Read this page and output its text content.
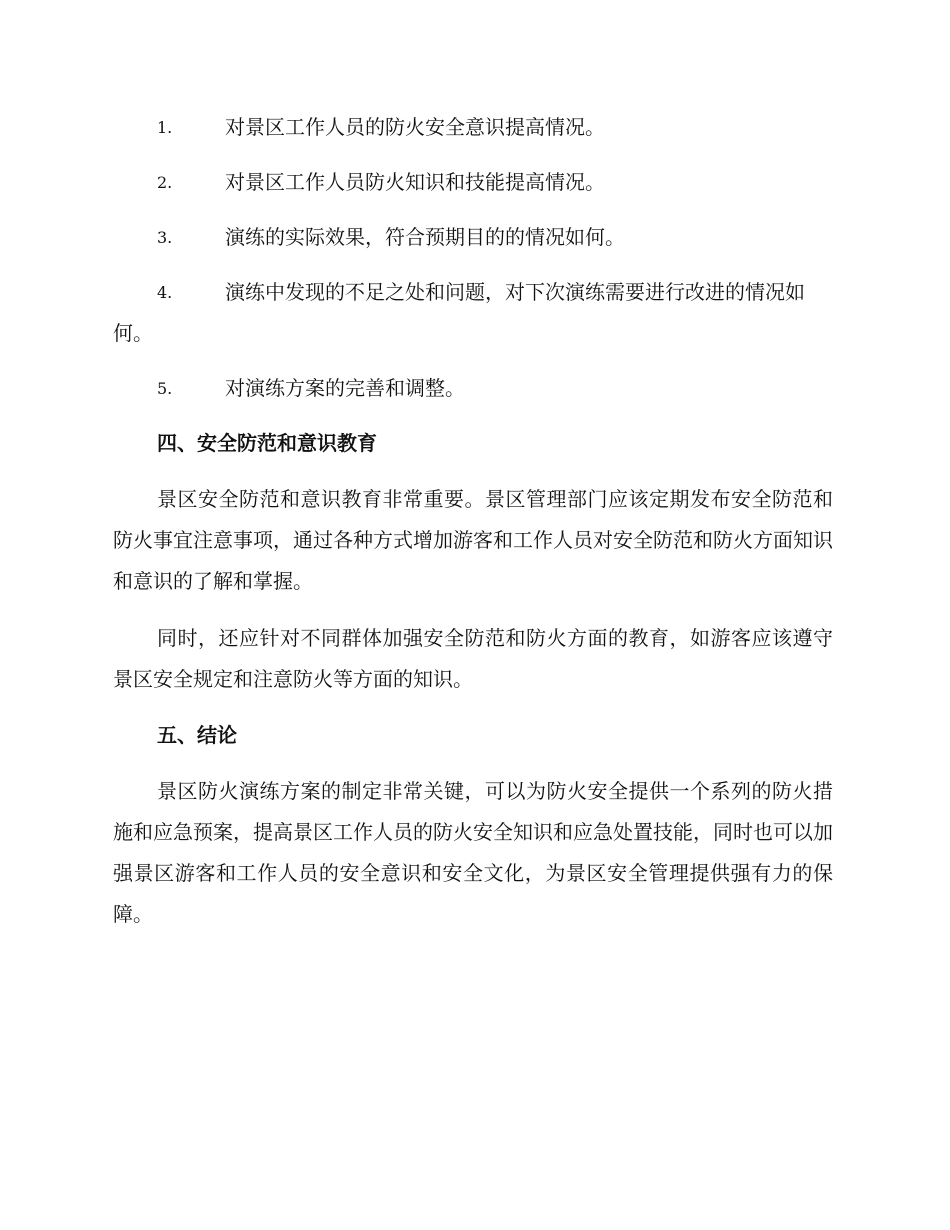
1.	对景区工作人员的防火安全意识提高情况。
2.	对景区工作人员防火知识和技能提高情况。
3.	演练的实际效果，符合预期目的的情况如何。
4.	演练中发现的不足之处和问题，对下次演练需要进行改进的情况如何。
5.	对演练方案的完善和调整。
四、安全防范和意识教育
景区安全防范和意识教育非常重要。景区管理部门应该定期发布安全防范和防火事宜注意事项，通过各种方式增加游客和工作人员对安全防范和防火方面知识和意识的了解和掌握。
同时，还应针对不同群体加强安全防范和防火方面的教育，如游客应该遵守景区安全规定和注意防火等方面的知识。
五、结论
景区防火演练方案的制定非常关键，可以为防火安全提供一个系列的防火措施和应急预案，提高景区工作人员的防火安全知识和应急处置技能，同时也可以加强景区游客和工作人员的安全意识和安全文化，为景区安全管理提供强有力的保障。
